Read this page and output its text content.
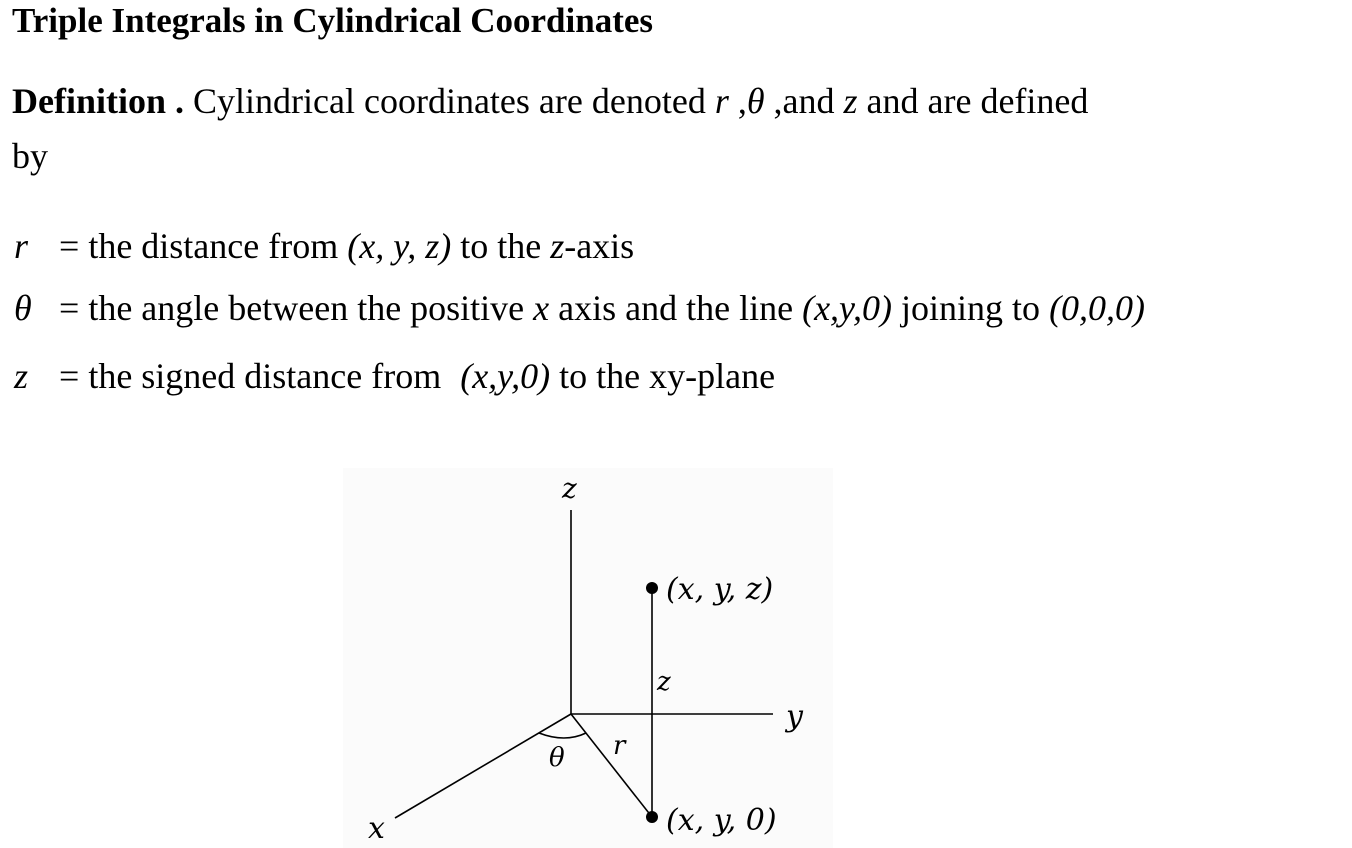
Triple Integrals in Cylindrical Coordinates
Definition . Cylindrical coordinates are denoted r ,θ ,and z and are defined
by
r = the distance from (x, y, z) to the z-axis
θ = the angle between the positive x axis and the line (x,y,0) joining to (0,0,0)
z = the signed distance from (x,y,0) to the xy-plane
z
y
x
(x, y, z)
(x, y, 0)
z
r
θ
